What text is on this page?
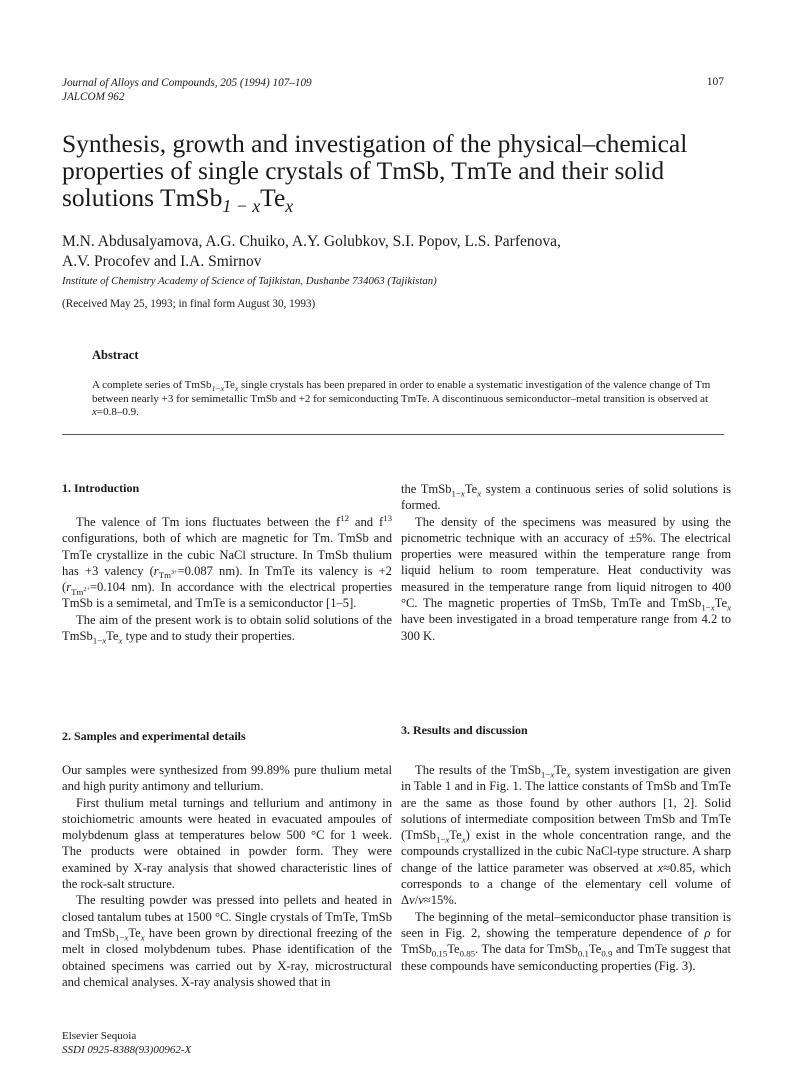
Journal of Alloys and Compounds, 205 (1994) 107–109
JALCOM 962
107
Synthesis, growth and investigation of the physical–chemical
properties of single crystals of TmSb, TmTe and their solid
solutions $TmSb_{1 - x}Te_x$
M.N. Abdusalyamova, A.G. Chuiko, A.Y. Golubkov, S.I. Popov, L.S. Parfenova,
A.V. Procofev and I.A. Smirnov
Institute of Chemistry Academy of Science of Tajikistan, Dushanbe 734063 (Tajikistan)
(Received May 25, 1993; in final form August 30, 1993)
Abstract
A complete series of $TmSb_{1-x}Te_x$ single crystals has been prepared in order to enable a systematic investigation of the valence change of Tm between nearly +3 for semimetallic TmSb and +2 for semiconducting TmTe. A discontinuous semiconductor–metal transition is observed at x=0.8–0.9.
1. Introduction

The valence of Tm ions fluctuates between the $f^{12}$ and $f^{13}$ configurations, both of which are magnetic for Tm. TmSb and TmTe crystallize in the cubic NaCl structure. In TmSb thulium has +3 valency ($r_{Tm^{3+}}=0.087$ nm). In TmTe its valency is +2 ($r_{Tm^{2+}}=0.104$ nm). In accordance with the electrical properties TmSb is a semimetal, and TmTe is a semiconductor [1–5].

The aim of the present work is to obtain solid solutions of the $TmSb_{1-x}Te_x$ type and to study their properties.

2. Samples and experimental details

Our samples were synthesized from 99.89% pure thulium metal and high purity antimony and tellurium.

First thulium metal turnings and tellurium and antimony in stoichiometric amounts were heated in evacuated ampoules of molybdenum glass at temperatures below 500 °C for 1 week. The products were obtained in powder form. They were examined by X-ray analysis that showed characteristic lines of the rock-salt structure.

The resulting powder was pressed into pellets and heated in closed tantalum tubes at 1500 °C. Single crystals of TmTe, TmSb and $TmSb_{1-x}Te_x$ have been grown by directional freezing of the melt in closed molybdenum tubes. Phase identification of the obtained specimens was carried out by X-ray, microstructural and chemical analyses. X-ray analysis showed that in

the $TmSb_{1-x}Te_x$ system a continuous series of solid solutions is formed.

The density of the specimens was measured by using the picnometric technique with an accuracy of ±5%. The electrical properties were measured within the temperature range from liquid helium to room temperature. Heat conductivity was measured in the temperature range from liquid nitrogen to 400 °C. The magnetic properties of TmSb, TmTe and $TmSb_{1-x}Te_x$ have been investigated in a broad temperature range from 4.2 to 300 K.

3. Results and discussion

The results of the $TmSb_{1-x}Te_x$ system investigation are given in Table 1 and in Fig. 1. The lattice constants of TmSb and TmTe are the same as those found by other authors [1, 2]. Solid solutions of intermediate composition between TmSb and TmTe $(TmSb_{1-x}Te_x)$ exist in the whole concentration range, and the compounds crystallized in the cubic NaCl-type structure. A sharp change of the lattice parameter was observed at x≈0.85, which corresponds to a change of the elementary cell volume of Δv/v≈15%.

The beginning of the metal–semiconductor phase transition is seen in Fig. 2, showing the temperature dependence of ρ for $TmSb_{0.15}Te_{0.85}$. The data for $TmSb_{0.1}Te_{0.9}$ and TmTe suggest that these compounds have semiconducting properties (Fig. 3).

Elsevier Sequoia
SSDI 0925-8388(93)00962-X
